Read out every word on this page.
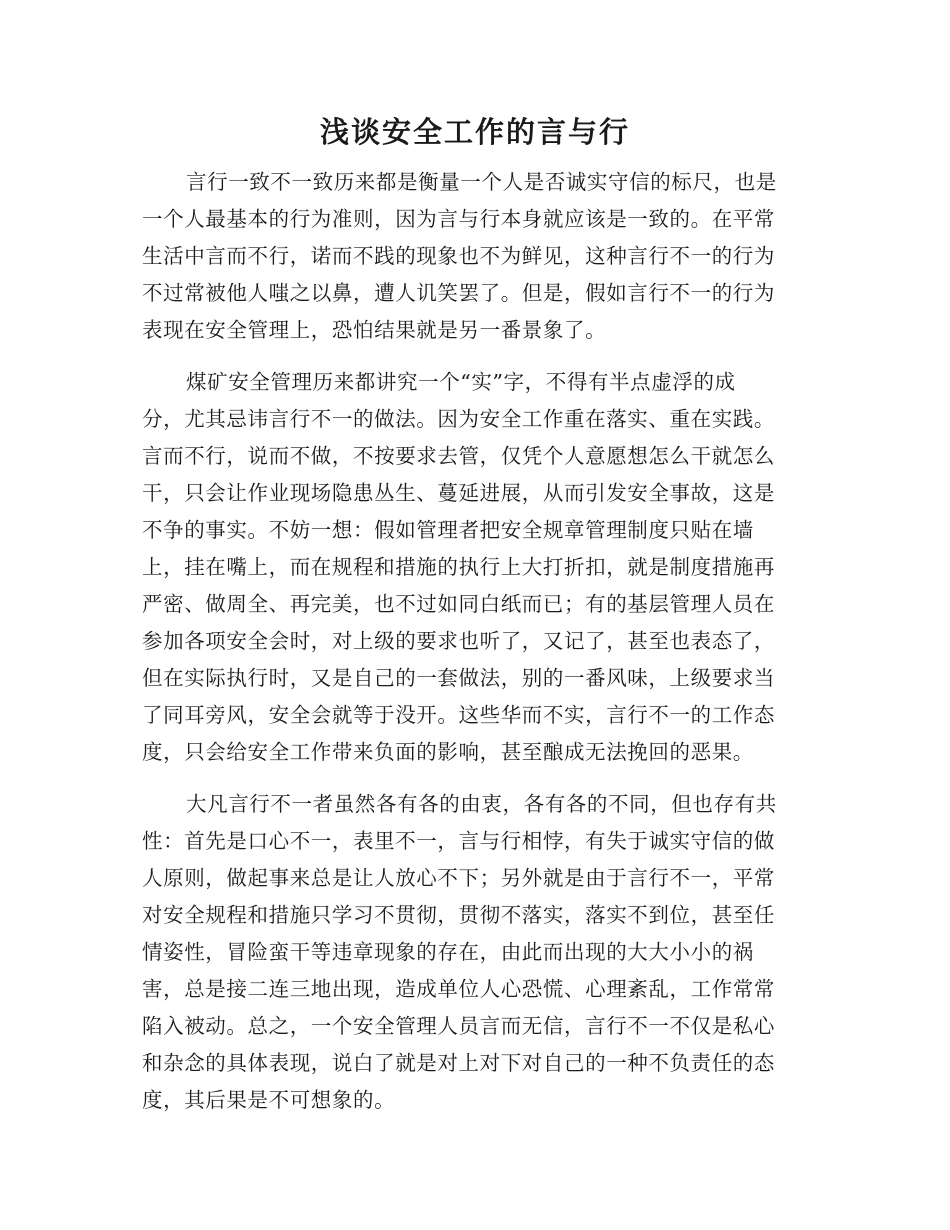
浅谈安全工作的言与行
言行一致不一致历来都是衡量一个人是否诚实守信的标尺，也是
一个人最基本的行为准则，因为言与行本身就应该是一致的。在平常
生活中言而不行，诺而不践的现象也不为鲜见，这种言行不一的行为
不过常被他人嗤之以鼻，遭人讥笑罢了。但是，假如言行不一的行为
表现在安全管理上，恐怕结果就是另一番景象了。
煤矿安全管理历来都讲究一个“实”字，不得有半点虚浮的成
分，尤其忌讳言行不一的做法。因为安全工作重在落实、重在实践。
言而不行，说而不做，不按要求去管，仅凭个人意愿想怎么干就怎么
干，只会让作业现场隐患丛生、蔓延进展，从而引发安全事故，这是
不争的事实。不妨一想：假如管理者把安全规章管理制度只贴在墙
上，挂在嘴上，而在规程和措施的执行上大打折扣，就是制度措施再
严密、做周全、再完美，也不过如同白纸而已；有的基层管理人员在
参加各项安全会时，对上级的要求也听了，又记了，甚至也表态了，
但在实际执行时，又是自己的一套做法，别的一番风味，上级要求当
了同耳旁风，安全会就等于没开。这些华而不实，言行不一的工作态
度，只会给安全工作带来负面的影响，甚至酿成无法挽回的恶果。
大凡言行不一者虽然各有各的由衷，各有各的不同，但也存有共
性：首先是口心不一，表里不一，言与行相悖，有失于诚实守信的做
人原则，做起事来总是让人放心不下；另外就是由于言行不一，平常
对安全规程和措施只学习不贯彻，贯彻不落实，落实不到位，甚至任
情姿性，冒险蛮干等违章现象的存在，由此而出现的大大小小的祸
害，总是接二连三地出现，造成单位人心恐慌、心理紊乱，工作常常
陷入被动。总之，一个安全管理人员言而无信，言行不一不仅是私心
和杂念的具体表现，说白了就是对上对下对自己的一种不负责任的态
度，其后果是不可想象的。
